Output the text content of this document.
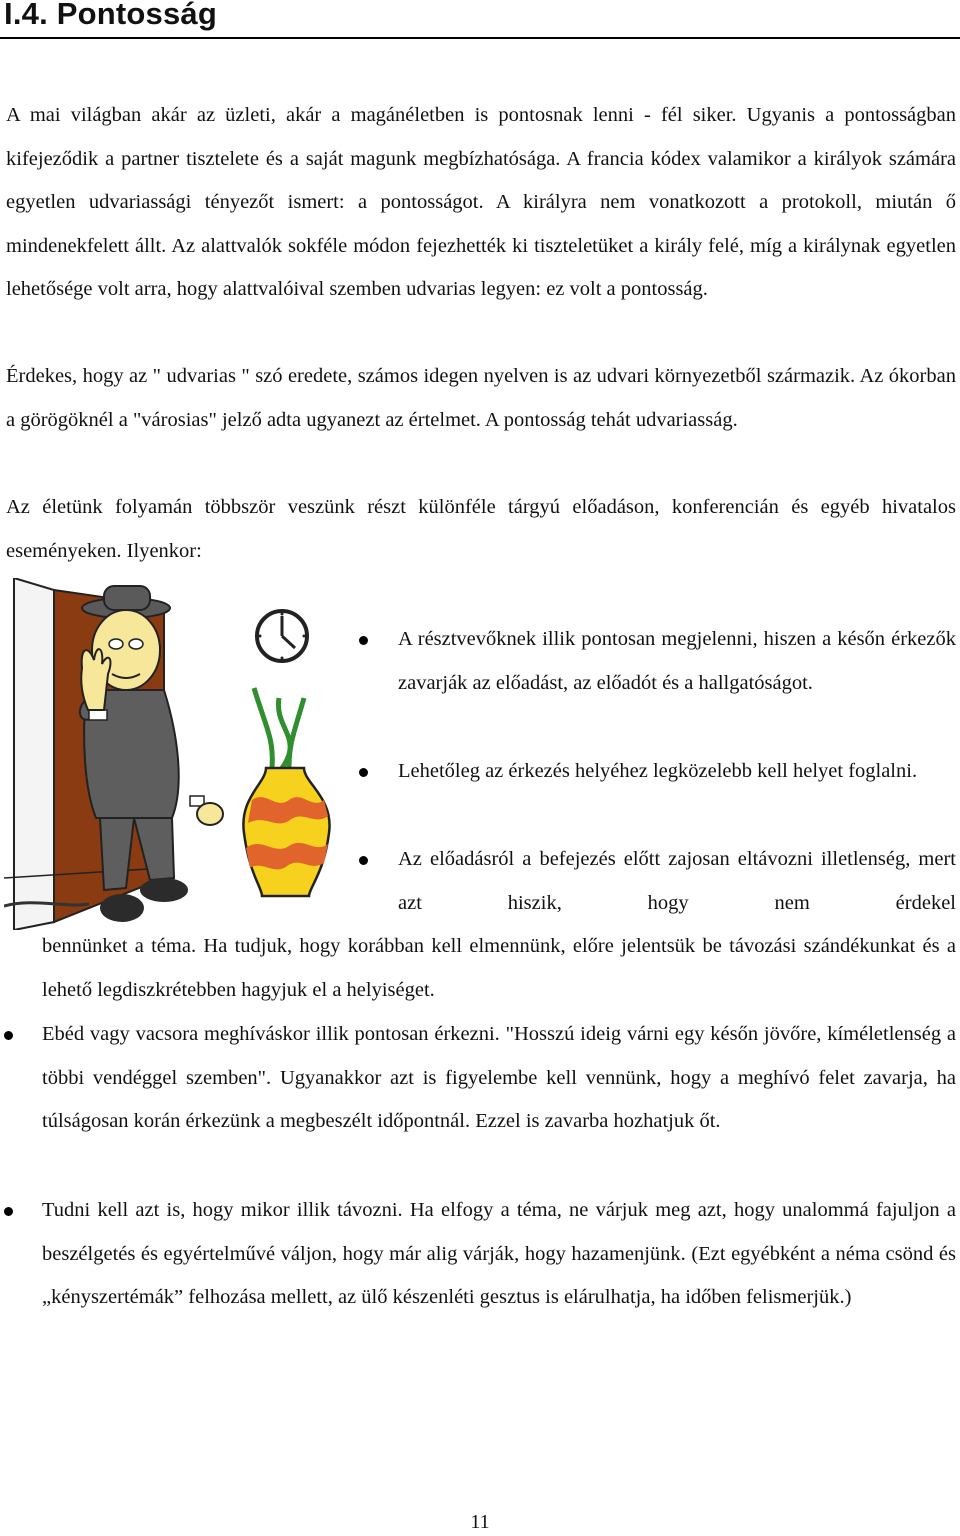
I.4. Pontosság

A mai világban akár az üzleti, akár a magánéletben is pontosnak lenni - fél siker. Ugyanis a pontosságban kifejeződik a partner tisztelete és a saját magunk megbízhatósága. A francia kódex valamikor a királyok számára egyetlen udvariassági tényezőt ismert: a pontosságot. A királyra nem vonatkozott a protokoll, miután ő mindenekfelett állt. Az alattvalók sokféle módon fejezhették ki tiszteletüket a király felé, míg a királynak egyetlen lehetősége volt arra, hogy alattvalóival szemben udvarias legyen: ez volt a pontosság.

Érdekes, hogy az " udvarias " szó eredete, számos idegen nyelven is az udvari környezetből származik. Az ókorban a görögöknél a "városias" jelző adta ugyanezt az értelmet. A pontosság tehát udvariasság.

Az életünk folyamán többször veszünk részt különféle tárgyú előadáson, konferencián és egyéb hivatalos eseményeken. Ilyenkor:

A résztvevőknek illik pontosan megjelenni, hiszen a későn érkezők zavarják az előadást, az előadót és a hallgatóságot.

Lehetőleg az érkezés helyéhez legközelebb kell helyet foglalni.

Az előadásról a befejezés előtt zajosan eltávozni illetlenség, mert azt hiszik, hogy nem érdekel

bennünket a téma. Ha tudjuk, hogy korábban kell elmennünk, előre jelentsük be távozási szándékunkat és a lehető legdiszkrétebben hagyjuk el a helyiséget.

Ebéd vagy vacsora meghíváskor illik pontosan érkezni. "Hosszú ideig várni egy későn jövőre, kíméletlenség a többi vendéggel szemben". Ugyanakkor azt is figyelembe kell vennünk, hogy a meghívó felet zavarja, ha túlságosan korán érkezünk a megbeszélt időpontnál. Ezzel is zavarba hozhatjuk őt.

Tudni kell azt is, hogy mikor illik távozni. Ha elfogy a téma, ne várjuk meg azt, hogy unalommá fajuljon a beszélgetés és egyértelművé váljon, hogy már alig várják, hogy hazamenjünk. (Ezt egyébként a néma csönd és „kényszertémák” felhozása mellett, az ülő készenléti gesztus is elárulhatja, ha időben felismerjük.)

11
